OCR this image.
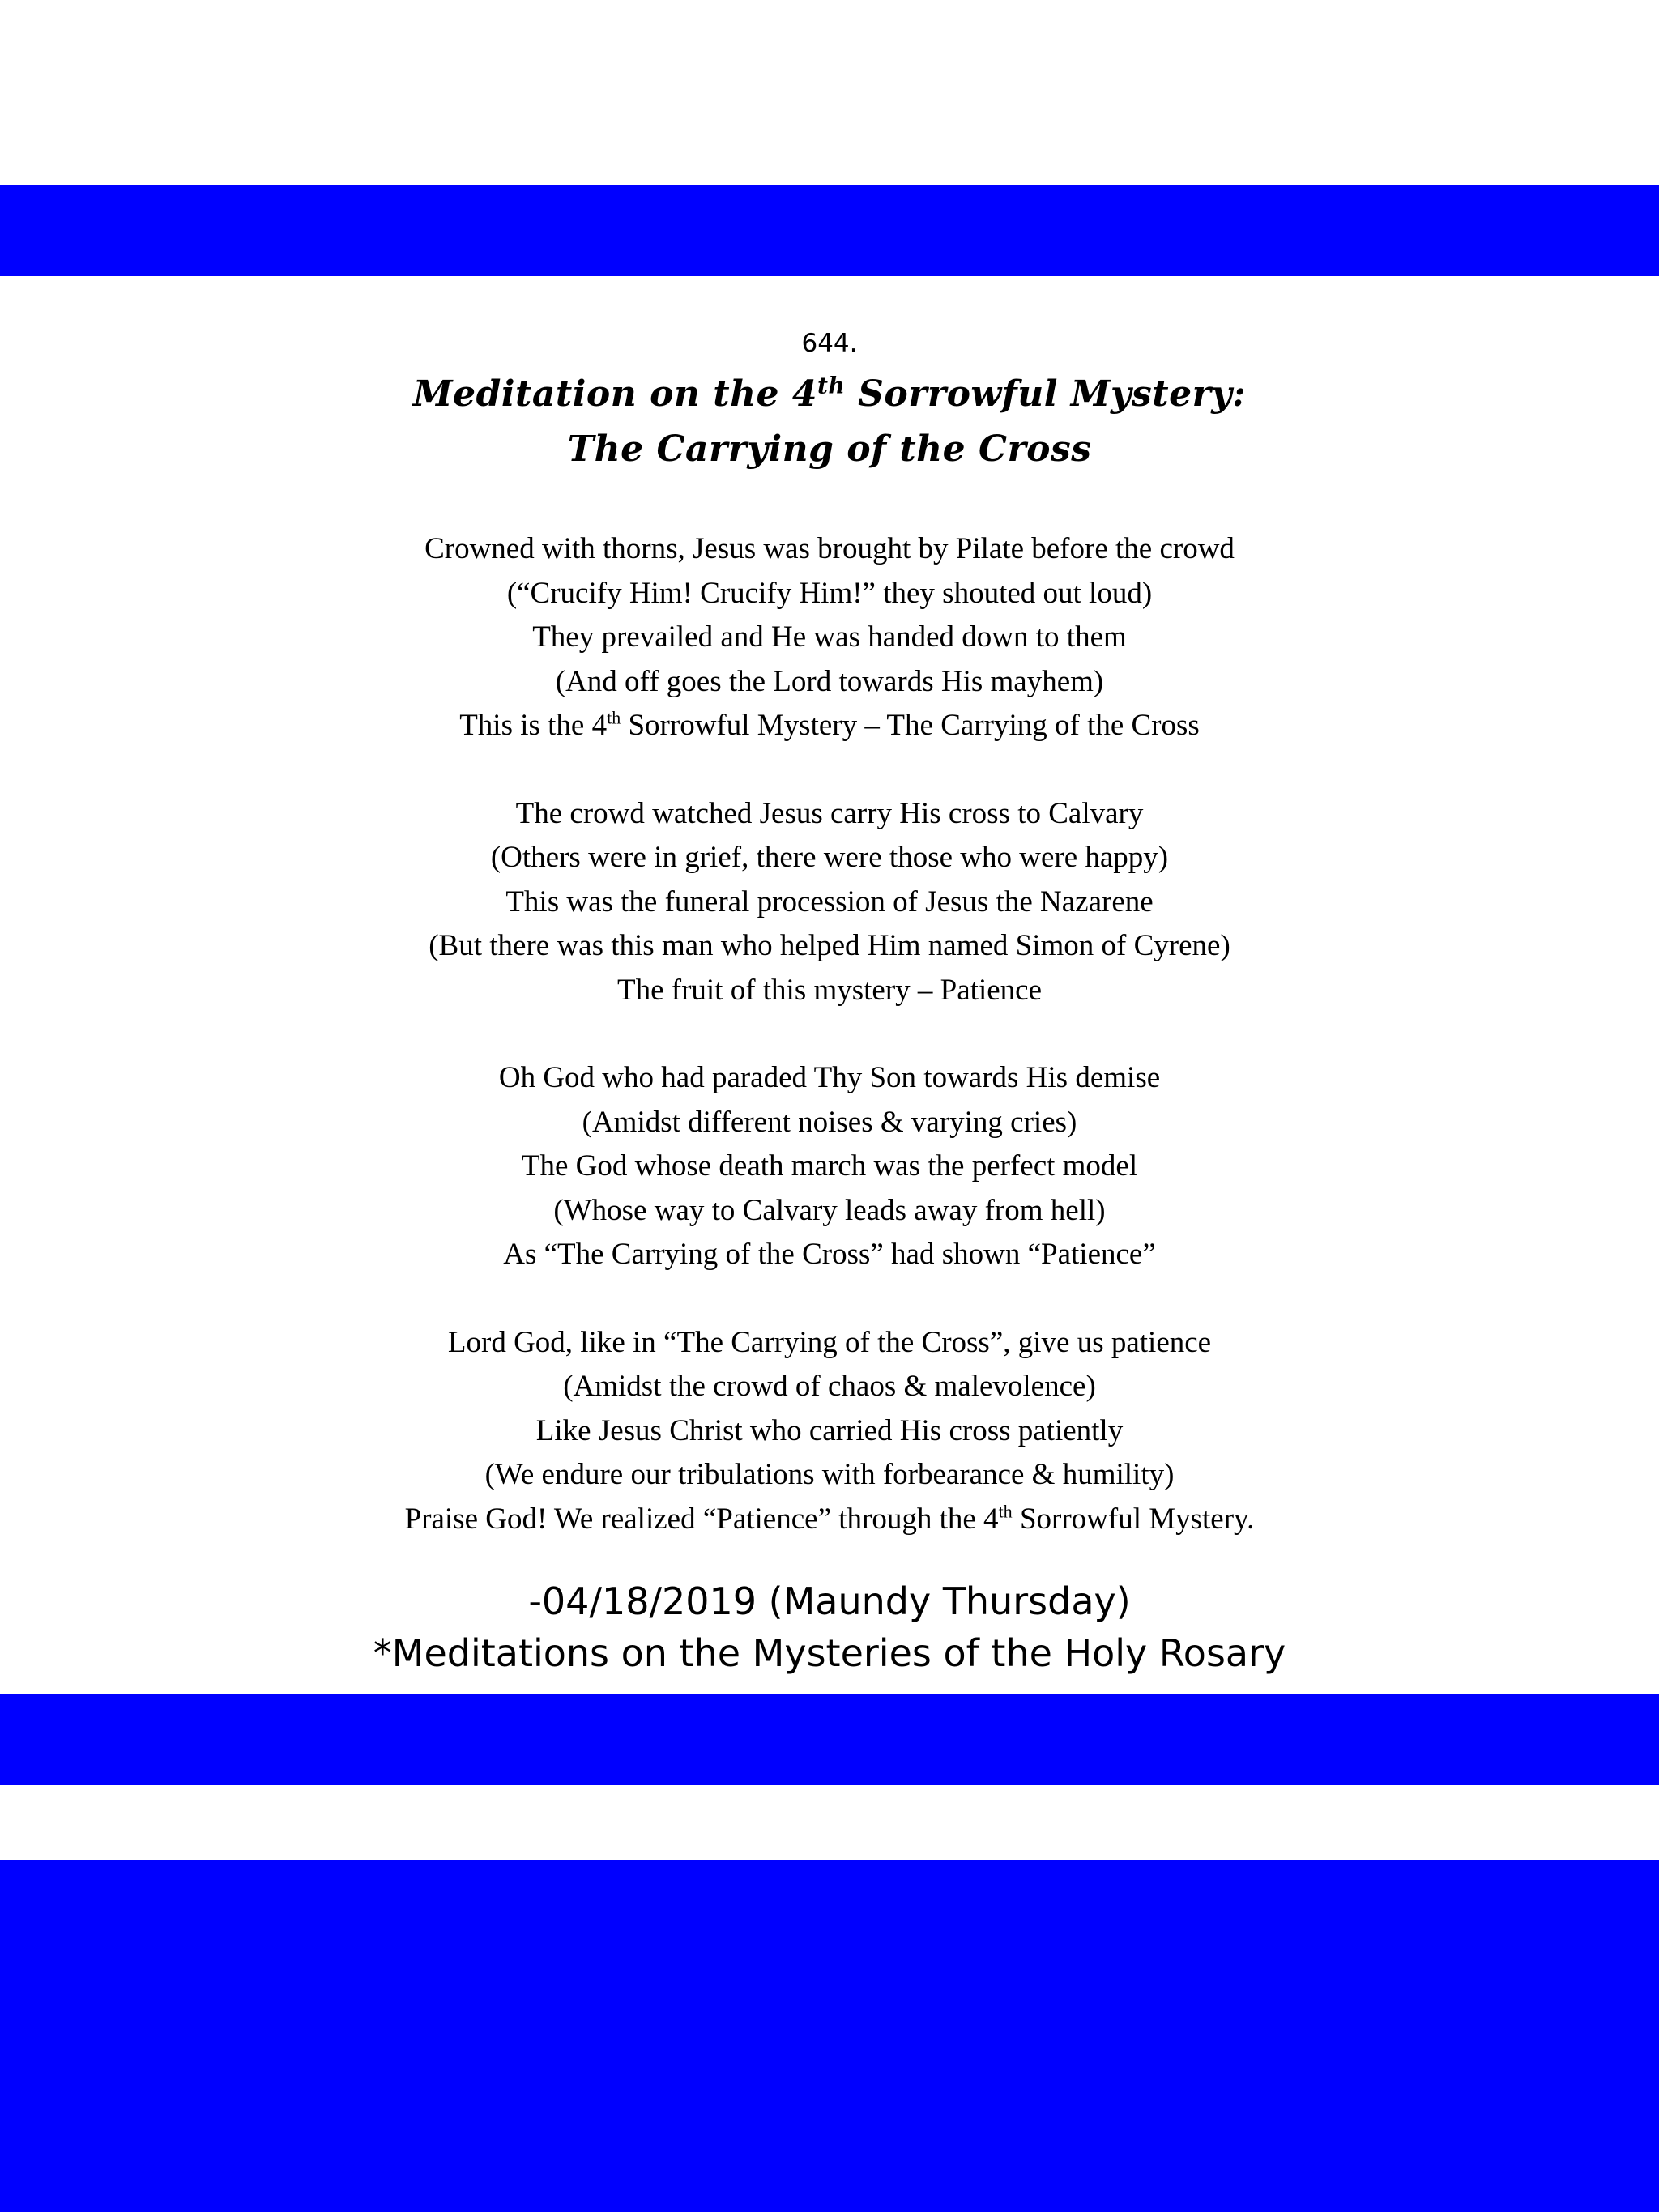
644.
Meditation on the 4th Sorrowful Mystery:
The Carrying of the Cross
Crowned with thorns, Jesus was brought by Pilate before the crowd
(“Crucify Him! Crucify Him!” they shouted out loud)
They prevailed and He was handed down to them
(And off goes the Lord towards His mayhem)
This is the 4th Sorrowful Mystery – The Carrying of the Cross
The crowd watched Jesus carry His cross to Calvary
(Others were in grief, there were those who were happy)
This was the funeral procession of Jesus the Nazarene
(But there was this man who helped Him named Simon of Cyrene)
The fruit of this mystery – Patience
Oh God who had paraded Thy Son towards His demise
(Amidst different noises & varying cries)
The God whose death march was the perfect model
(Whose way to Calvary leads away from hell)
As “The Carrying of the Cross” had shown “Patience”
Lord God, like in “The Carrying of the Cross”, give us patience
(Amidst the crowd of chaos & malevolence)
Like Jesus Christ who carried His cross patiently
(We endure our tribulations with forbearance & humility)
Praise God! We realized “Patience” through the 4th Sorrowful Mystery.
-04/18/2019 (Maundy Thursday)
*Meditations on the Mysteries of the Holy Rosary
